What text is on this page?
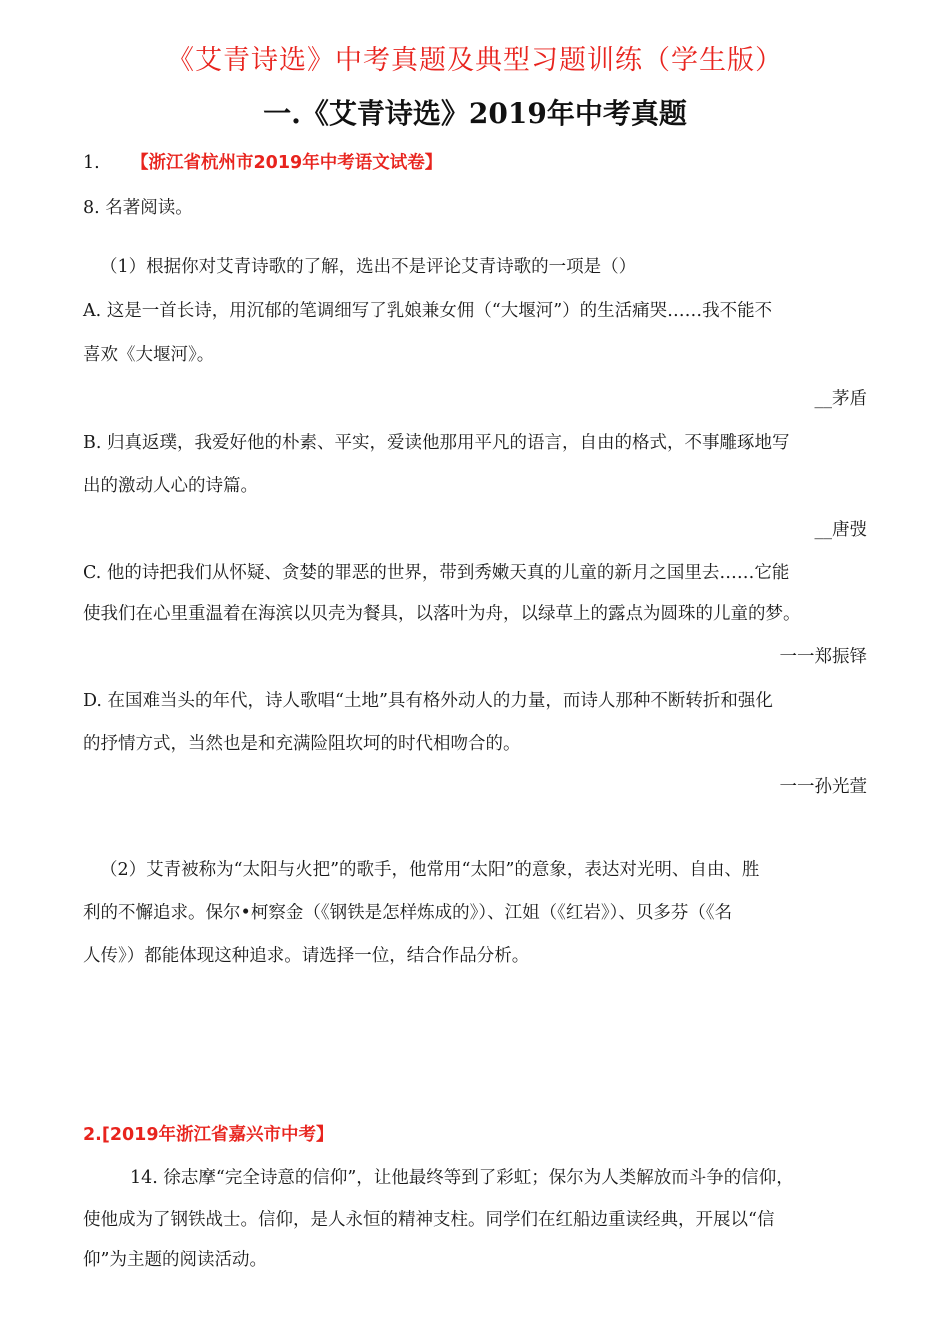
《艾青诗选》中考真题及典型习题训练（学生版）
一.《艾青诗选》2019年中考真题
1. 【浙江省杭州市2019年中考语文试卷】
8. 名著阅读。
（1）根据你对艾青诗歌的了解，选出不是评论艾青诗歌的一项是（）
A. 这是一首长诗，用沉郁的笔调细写了乳娘兼女佣（“大堰河”）的生活痛哭……我不能不
喜欢《大堰河》。
__茅盾
B. 归真返璞，我爱好他的朴素、平实，爱读他那用平凡的语言，自由的格式，不事雕琢地写
出的激动人心的诗篇。
__唐弢
C. 他的诗把我们从怀疑、贪婪的罪恶的世界，带到秀嫩天真的儿童的新月之国里去……它能
使我们在心里重温着在海滨以贝壳为餐具，以落叶为舟，以绿草上的露点为圆珠的儿童的梦。
一一郑振铎
D. 在国难当头的年代，诗人歌唱“土地”具有格外动人的力量，而诗人那种不断转折和强化
的抒情方式，当然也是和充满险阻坎坷的时代相吻合的。
一一孙光萱
（2）艾青被称为“太阳与火把”的歌手，他常用“太阳”的意象，表达对光明、自由、胜
利的不懈追求。保尔•柯察金（《钢铁是怎样炼成的》）、江姐（《红岩》）、贝多芬（《名
人传》）都能体现这种追求。请选择一位，结合作品分析。
2.[2019年浙江省嘉兴市中考】
14. 徐志摩“完全诗意的信仰”，让他最终等到了彩虹；保尔为人类解放而斗争的信仰，
使他成为了钢铁战士。信仰，是人永恒的精神支柱。同学们在红船边重读经典，开展以“信
仰”为主题的阅读活动。
